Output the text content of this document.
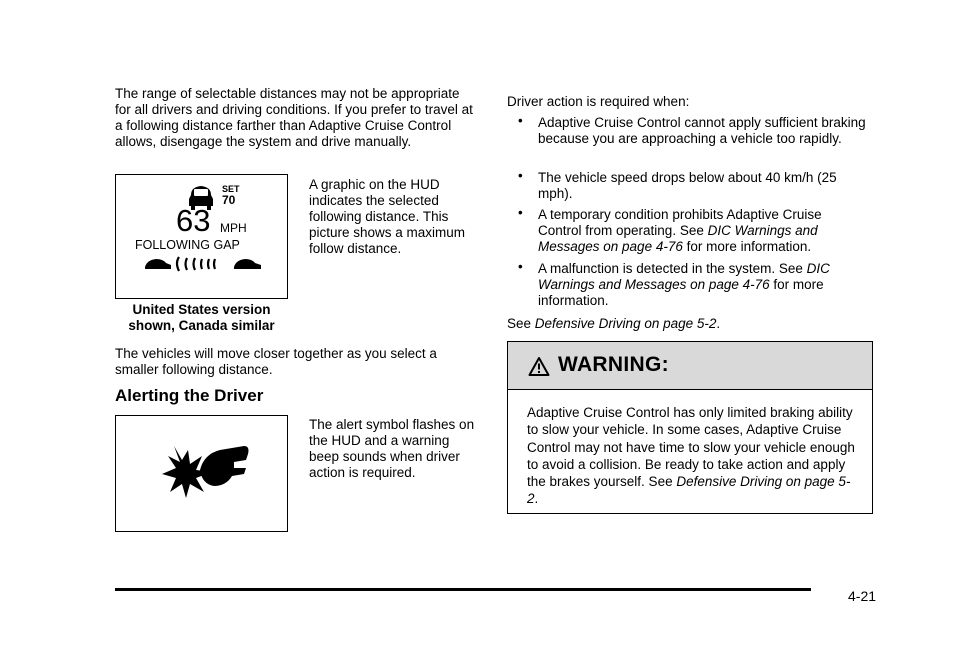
The range of selectable distances may not be appropriate for all drivers and driving conditions. If you prefer to travel at a following distance farther than Adaptive Cruise Control allows, disengage the system and drive manually.

SET
70
63 MPH
FOLLOWING GAP

A graphic on the HUD indicates the selected following distance. This picture shows a maximum follow distance.

United States version shown, Canada similar

The vehicles will move closer together as you select a smaller following distance.

Alerting the Driver

The alert symbol flashes on the HUD and a warning beep sounds when driver action is required.

Driver action is required when:

• Adaptive Cruise Control cannot apply sufficient braking because you are approaching a vehicle too rapidly.

• The vehicle speed drops below about 40 km/h (25 mph).

• A temporary condition prohibits Adaptive Cruise Control from operating. See DIC Warnings and Messages on page 4-76 for more information.

• A malfunction is detected in the system. See DIC Warnings and Messages on page 4-76 for more information.

See Defensive Driving on page 5-2.

WARNING:

Adaptive Cruise Control has only limited braking ability to slow your vehicle. In some cases, Adaptive Cruise Control may not have time to slow your vehicle enough to avoid a collision. Be ready to take action and apply the brakes yourself. See Defensive Driving on page 5-2.

4-21
